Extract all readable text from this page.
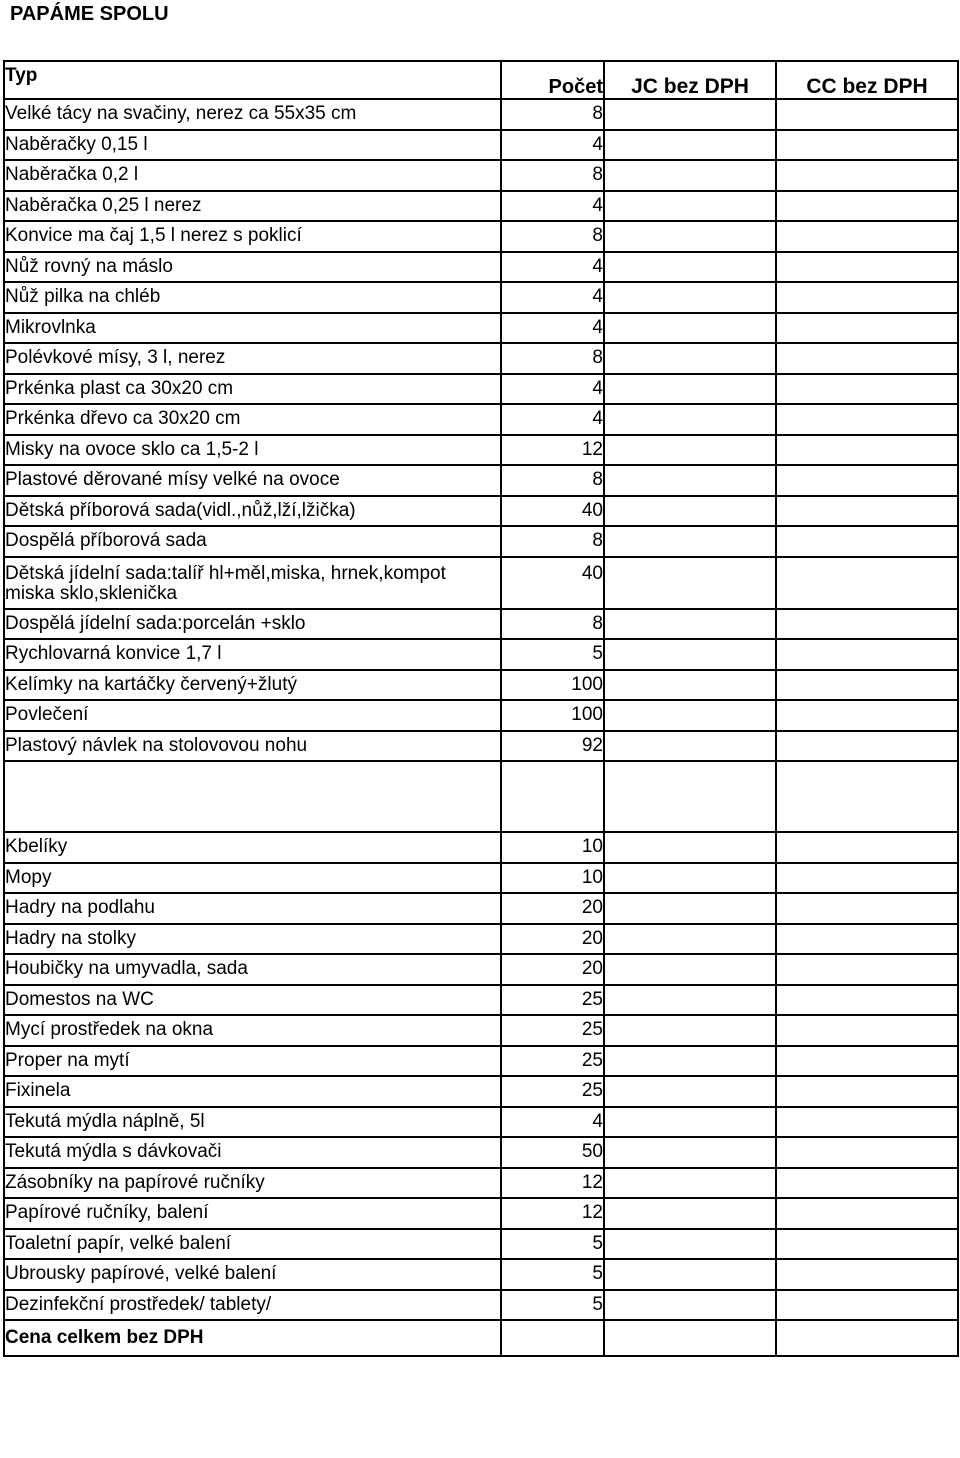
PAPÁME SPOLU
Typ	Počet	JC bez DPH	CC bez DPH
Velké tácy na svačiny, nerez ca 55x35 cm	8		
Naběračky 0,15 l	4		
Naběračka 0,2 l	8		
Naběračka 0,25 l nerez	4		
Konvice ma čaj 1,5 l nerez s poklicí	8		
Nůž rovný na máslo	4		
Nůž pilka na chléb	4		
Mikrovlnka	4		
Polévkové mísy, 3 l, nerez	8		
Prkénka plast ca 30x20 cm	4		
Prkénka dřevo ca 30x20 cm	4		
Misky na ovoce sklo ca 1,5-2 l	12		
Plastové děrované mísy velké na ovoce	8		
Dětská příborová sada(vidl.,nůž,lží,lžička)	40		
Dospělá příborová sada	8		
Dětská jídelní sada:talíř hl+měl,miska, hrnek,kompot miska sklo,sklenička	40		
Dospělá jídelní sada:porcelán +sklo	8		
Rychlovarná konvice 1,7 l	5		
Kelímky na kartáčky červený+žlutý	100		
Povlečení	100		
Plastový návlek na stolovovou nohu	92		

Kbelíky	10		
Mopy	10		
Hadry na podlahu	20		
Hadry na stolky	20		
Houbičky na umyvadla, sada	20		
Domestos na WC	25		
Mycí prostředek na okna	25		
Proper na mytí	25		
Fixinela	25		
Tekutá mýdla náplně, 5l	4		
Tekutá mýdla s dávkovači	50		
Zásobníky na papírové ručníky	12		
Papírové ručníky, balení	12		
Toaletní papír, velké balení	5		
Ubrousky papírové, velké balení	5		
Dezinfekční prostředek/ tablety/	5		
Cena celkem bez DPH			
